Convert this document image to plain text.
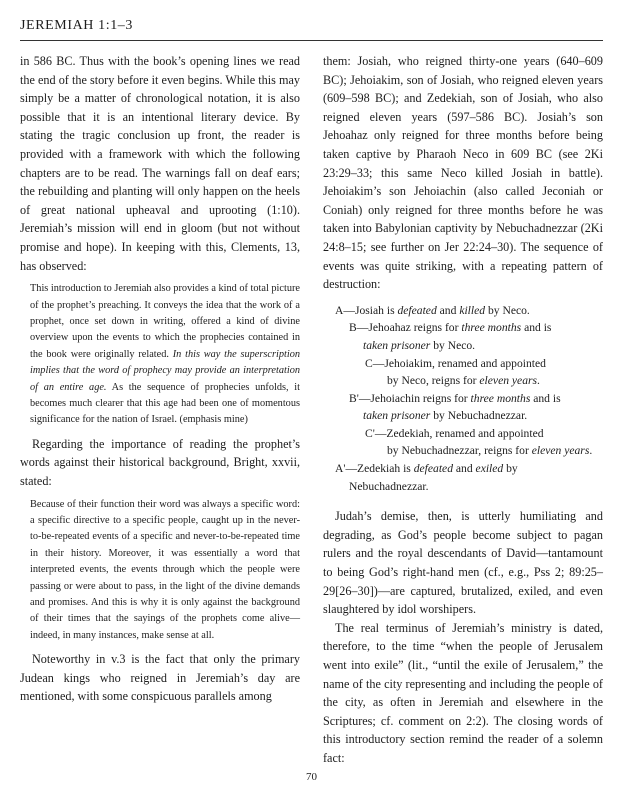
JEREMIAH 1:1–3

in 586 BC. Thus with the book’s opening lines we read the end of the story before it even begins. While this may simply be a matter of chronological notation, it is also possible that it is an intentional literary device. By stating the tragic conclusion up front, the reader is provided with a framework with which the following chapters are to be read. The warnings fall on deaf ears; the rebuilding and planting will only happen on the heels of great national upheaval and uprooting (1:10). Jeremiah’s mission will end in gloom (but not without promise and hope). In keeping with this, Clements, 13, has observed:

This introduction to Jeremiah also provides a kind of total picture of the prophet’s preaching. It conveys the idea that the work of a prophet, once set down in writing, offered a kind of divine overview upon the events to which the prophecies contained in the book were originally related. In this way the superscription implies that the word of prophecy may provide an interpretation of an entire age. As the sequence of prophecies unfolds, it becomes much clearer that this age had been one of momentous significance for the nation of Israel. (emphasis mine)

Regarding the importance of reading the prophet’s words against their historical background, Bright, xxvii, stated:

Because of their function their word was always a specific word: a specific directive to a specific people, caught up in the never-to-be-repeated events of a specific and never-to-be-repeated time in their history. Moreover, it was essentially a word that interpreted events, the events through which the people were passing or were about to pass, in the light of the divine demands and promises. And this is why it is only against the background of their times that the sayings of the prophets come alive—indeed, in many instances, make sense at all.

Noteworthy in v.3 is the fact that only the primary Judean kings who reigned in Jeremiah’s day are mentioned, with some conspicuous parallels among

them: Josiah, who reigned thirty-one years (640–609 BC); Jehoiakim, son of Josiah, who reigned eleven years (609–598 BC); and Zedekiah, son of Josiah, who also reigned eleven years (597–586 BC). Josiah’s son Jehoahaz only reigned for three months before being taken captive by Pharaoh Neco in 609 BC (see 2Ki 23:29–33; this same Neco killed Josiah in battle). Jehoiakim’s son Jehoiachin (also called Jeconiah or Coniah) only reigned for three months before he was taken into Babylonian captivity by Nebuchadnezzar (2Ki 24:8–15; see further on Jer 22:24–30). The sequence of events was quite striking, with a repeating pattern of destruction:

A—Josiah is defeated and killed by Neco.
B—Jehoahaz reigns for three months and is
taken prisoner by Neco.
C—Jehoiakim, renamed and appointed
by Neco, reigns for eleven years.
B'—Jehoiachin reigns for three months and is
taken prisoner by Nebuchadnezzar.
C'—Zedekiah, renamed and appointed
by Nebuchadnezzar, reigns for eleven years.
A'—Zedekiah is defeated and exiled by
Nebuchadnezzar.

Judah’s demise, then, is utterly humiliating and degrading, as God’s people become subject to pagan rulers and the royal descendants of David—tantamount to being God’s right-hand men (cf., e.g., Pss 2; 89:25–29[26–30])—are captured, brutalized, exiled, and even slaughtered by idol worshipers.

The real terminus of Jeremiah’s ministry is dated, therefore, to the time “when the people of Jerusalem went into exile” (lit., “until the exile of Jerusalem,” the name of the city representing and including the people of the city, as often in Jeremiah and elsewhere in the Scriptures; cf. comment on 2:2). The closing words of this introductory section remind the reader of a solemn fact:

70
